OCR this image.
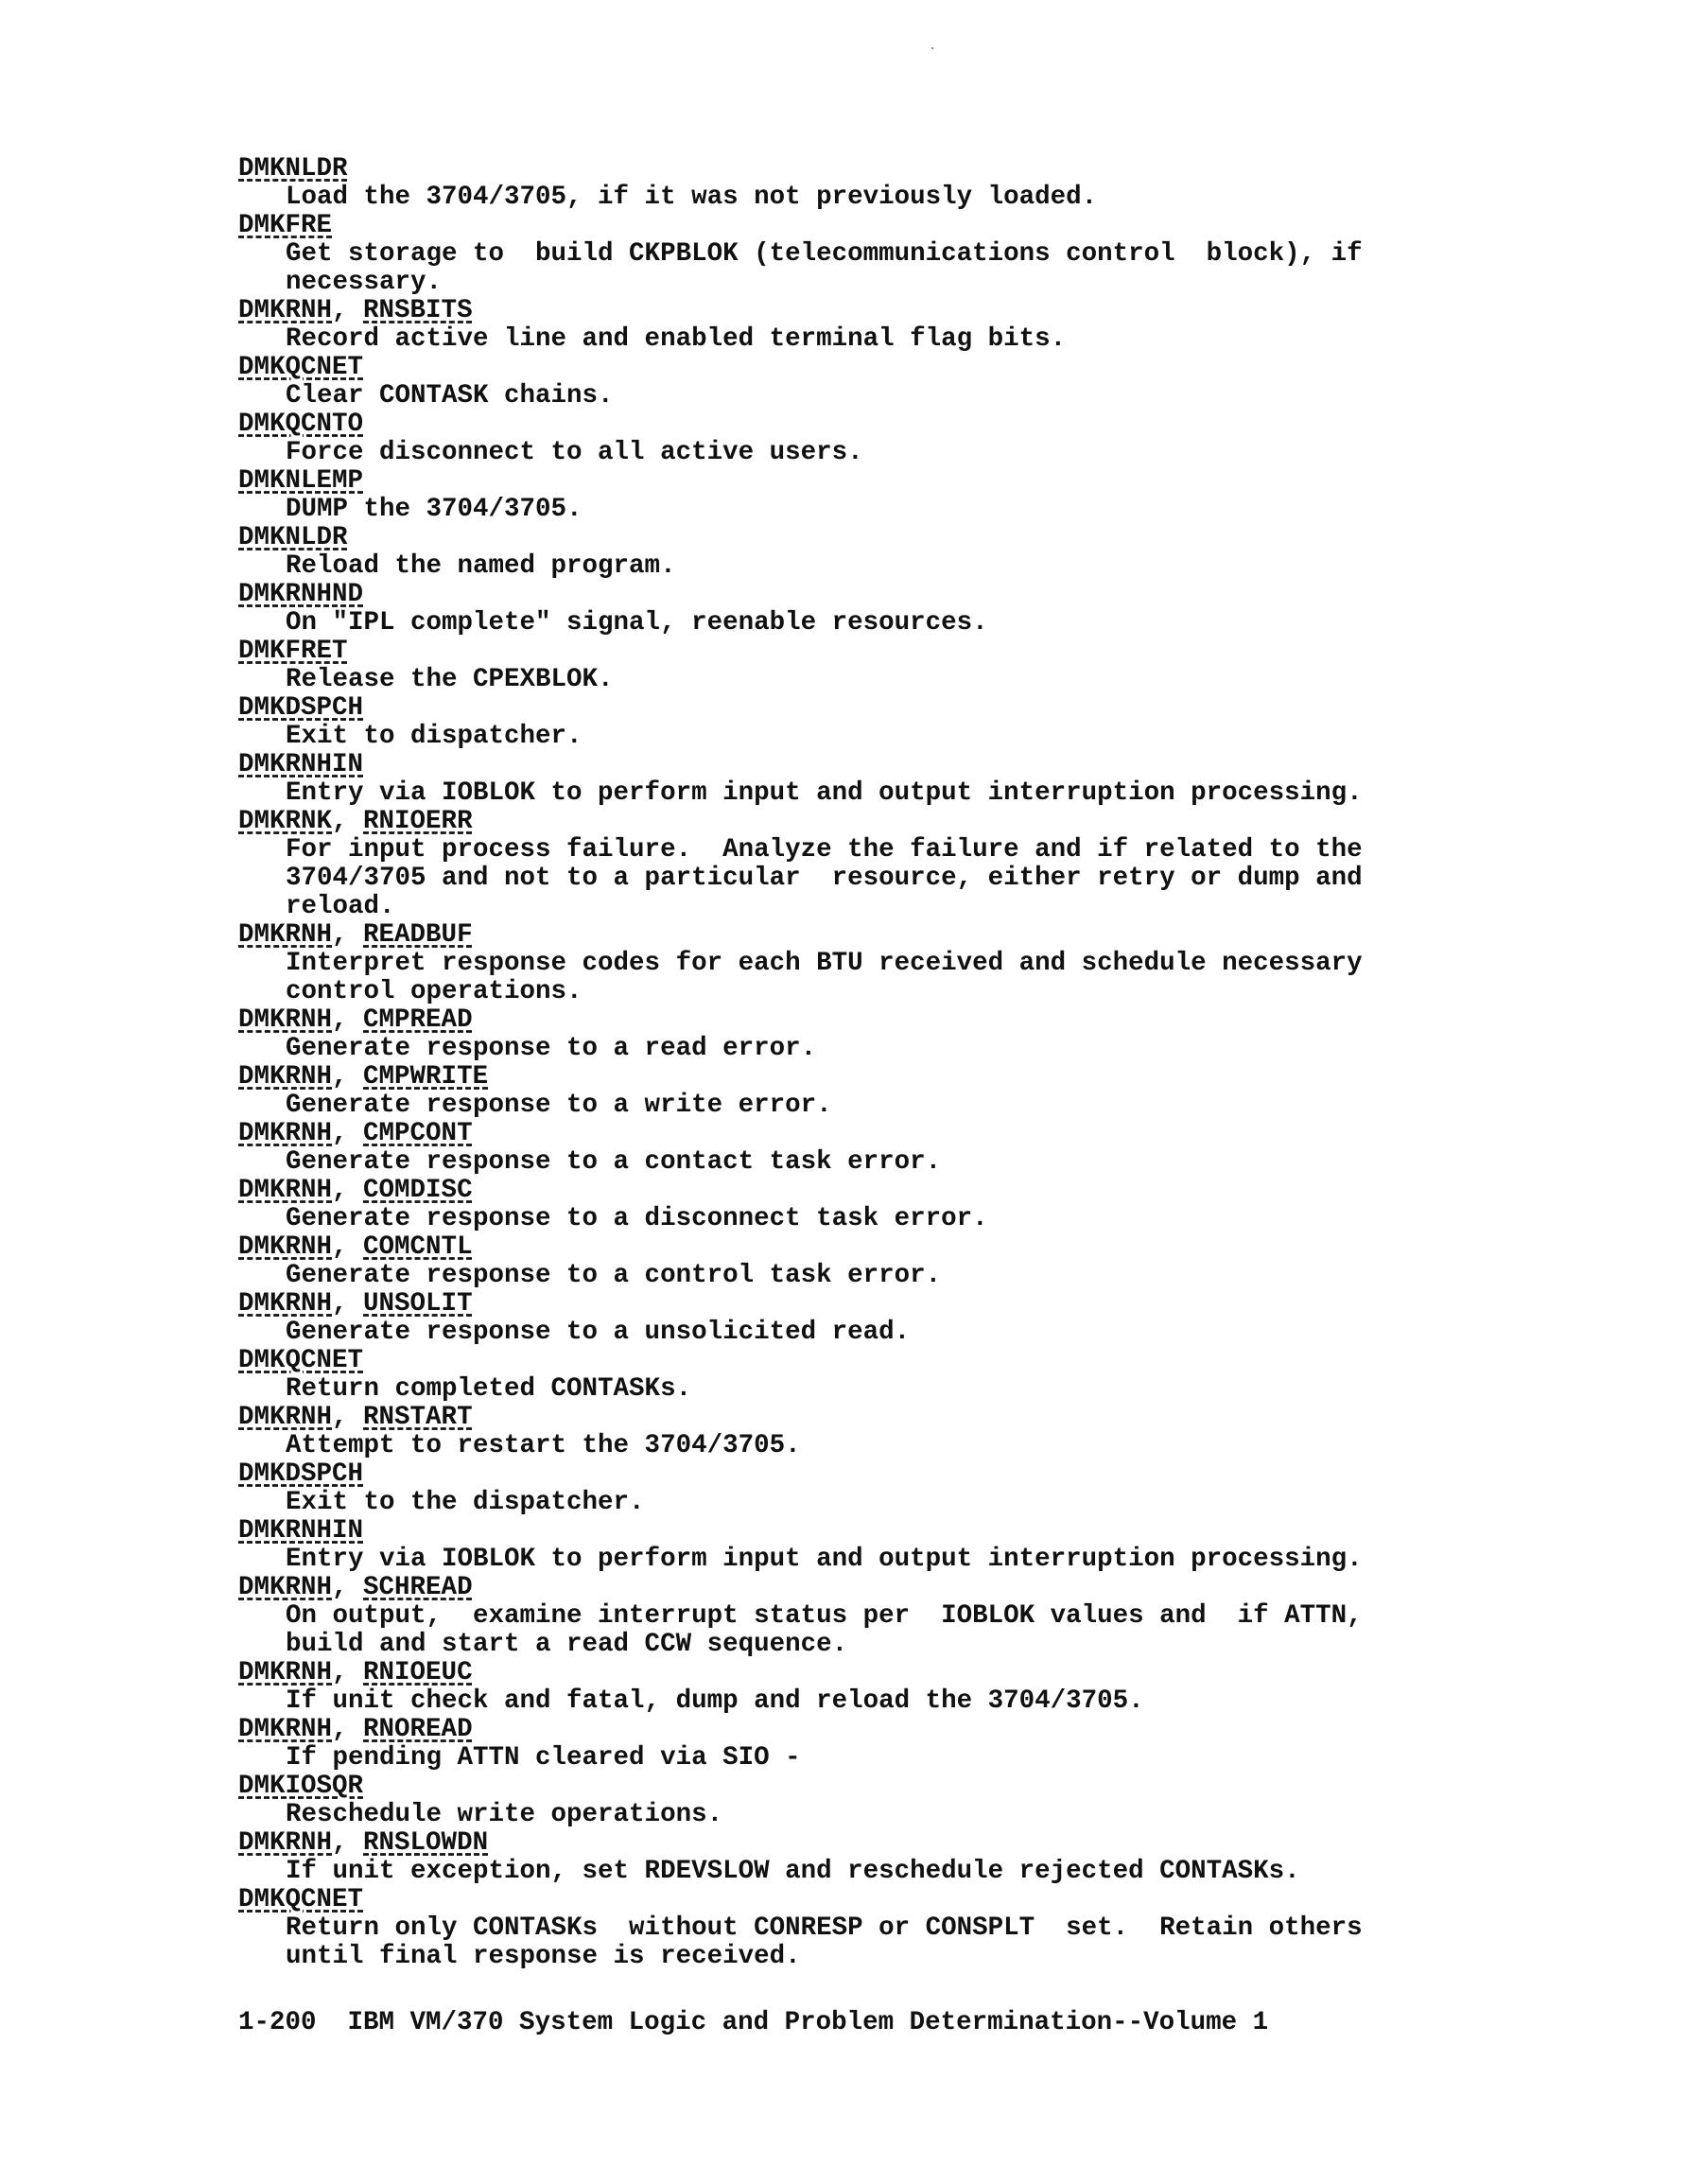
DMKNLDR
Load the 3704/3705, if it was not previously loaded.
DMKFRE
Get storage to  build CKPBLOK (telecommunications control  block), if
necessary.
DMKRNH, RNSBITS
Record active line and enabled terminal flag bits.
DMKQCNET
Clear CONTASK chains.
DMKQCNTO
Force disconnect to all active users.
DMKNLEMP
DUMP the 3704/3705.
DMKNLDR
Reload the named program.
DMKRNHND
On "IPL complete" signal, reenable resources.
DMKFRET
Release the CPEXBLOK.
DMKDSPCH
Exit to dispatcher.
DMKRNHIN
Entry via IOBLOK to perform input and output interruption processing.
DMKRNK, RNIOERR
For input process failure.  Analyze the failure and if related to the
3704/3705 and not to a particular  resource, either retry or dump and
reload.
DMKRNH, READBUF
Interpret response codes for each BTU received and schedule necessary
control operations.
DMKRNH, CMPREAD
Generate response to a read error.
DMKRNH, CMPWRITE
Generate response to a write error.
DMKRNH, CMPCONT
Generate response to a contact task error.
DMKRNH, COMDISC
Generate response to a disconnect task error.
DMKRNH, COMCNTL
Generate response to a control task error.
DMKRNH, UNSOLIT
Generate response to a unsolicited read.
DMKQCNET
Return completed CONTASKs.
DMKRNH, RNSTART
Attempt to restart the 3704/3705.
DMKDSPCH
Exit to the dispatcher.
DMKRNHIN
Entry via IOBLOK to perform input and output interruption processing.
DMKRNH, SCHREAD
On output,  examine interrupt status per  IOBLOK values and  if ATTN,
build and start a read CCW sequence.
DMKRNH, RNIOEUC
If unit check and fatal, dump and reload the 3704/3705.
DMKRNH, RNOREAD
If pending ATTN cleared via SIO -
DMKIOSQR
Reschedule write operations.
DMKRNH, RNSLOWDN
If unit exception, set RDEVSLOW and reschedule rejected CONTASKs.
DMKQCNET
Return only CONTASKs  without CONRESP or CONSPLT  set.  Retain others
until final response is received.
1-200 IBM VM/370 System Logic and Problem Determination--Volume 1
